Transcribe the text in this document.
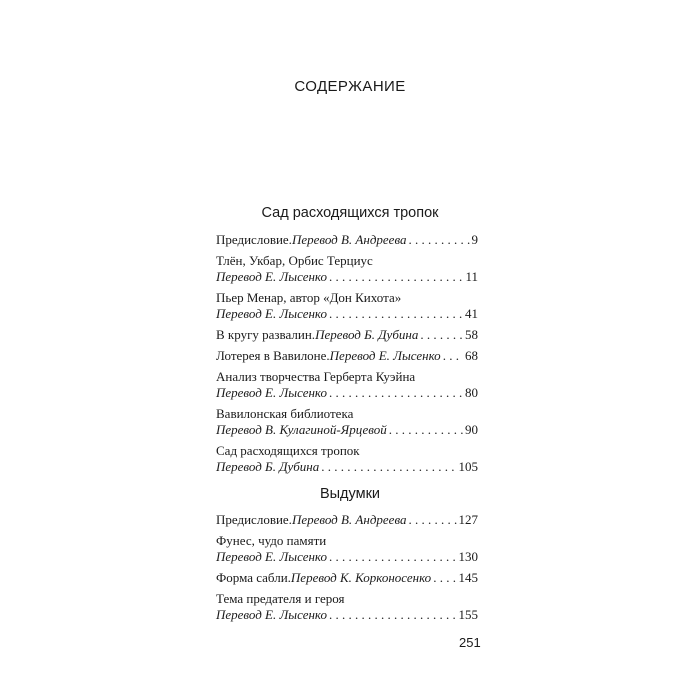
СОДЕРЖАНИЕ
Сад расходящихся тропок
Предисловие. Перевод В. Андреева . . .	9
Тлён, Укбар, Орбис Терциус
Перевод Е. Лысенко . . .	11
Пьер Менар, автор «Дон Кихота»
Перевод Е. Лысенко . . .	41
В кругу развалин. Перевод Б. Дубина . . .	58
Лотерея в Вавилоне. Перевод Е. Лысенко . . . 68
Анализ творчества Герберта Куэйна
Перевод Е. Лысенко . . .	80
Вавилонская библиотека
Перевод В. Кулагиной-Ярцевой . . .	90
Сад расходящихся тропок
Перевод Б. Дубина . . .	105
Выдумки
Предисловие. Перевод В. Андреева . . .	127
Фунес, чудо памяти
Перевод Е. Лысенко . . .	130
Форма сабли. Перевод К. Корконосенко . . . 145
Тема предателя и героя
Перевод Е. Лысенко . . .	155
251
